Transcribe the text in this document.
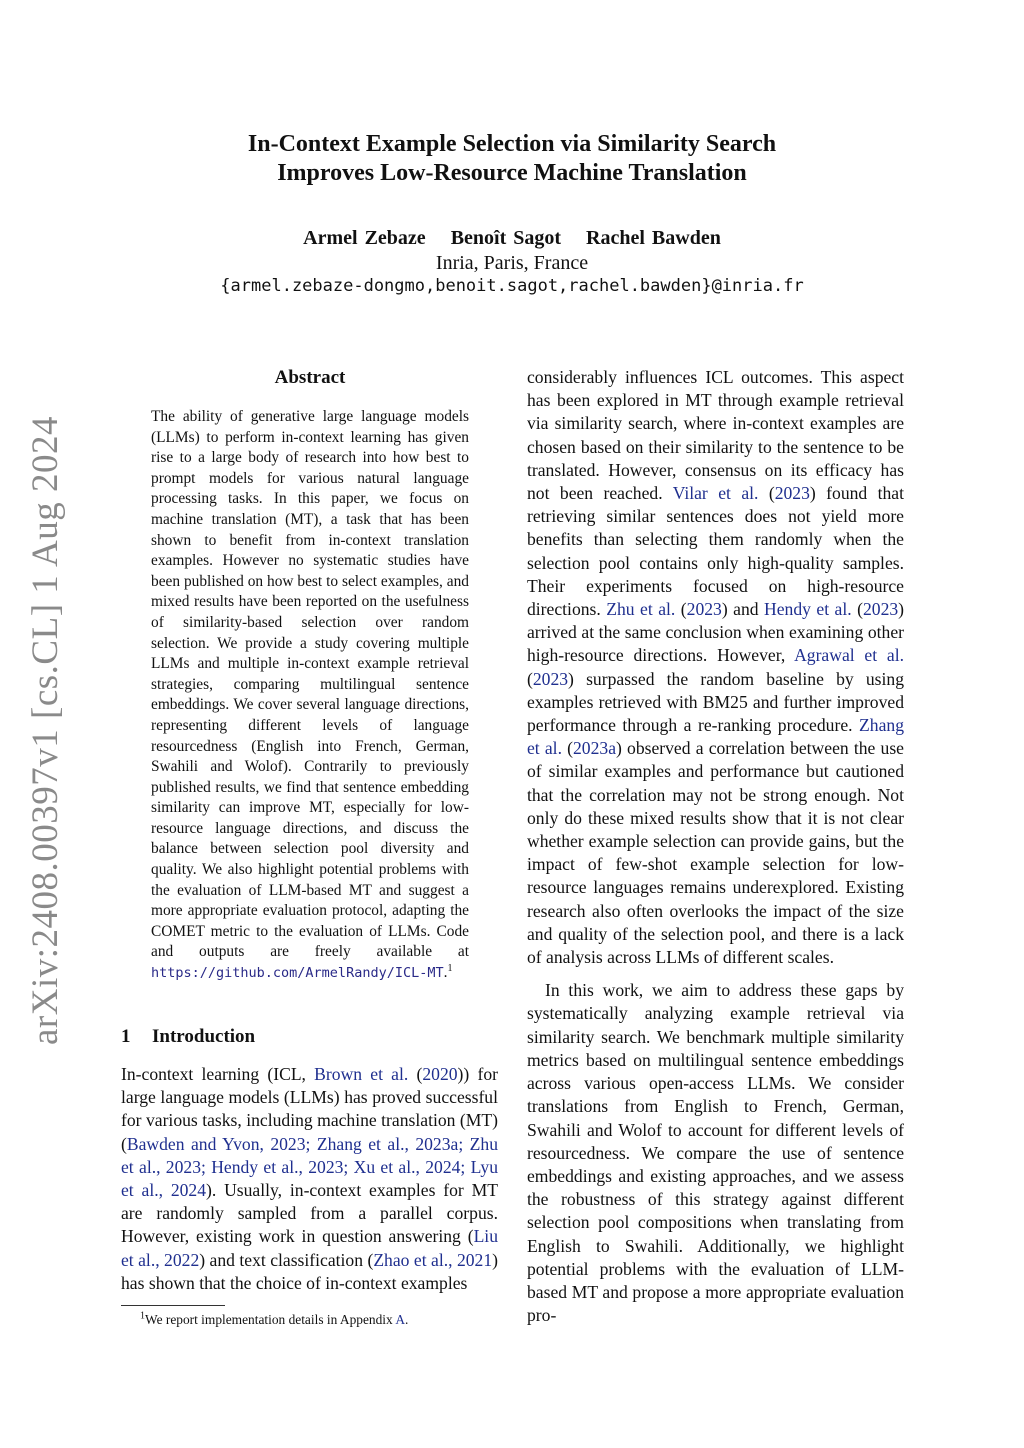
arXiv:2408.00397v1 [cs.CL] 1 Aug 2024
In-Context Example Selection via Similarity Search
Improves Low-Resource Machine Translation
Armel Zebaze Benoît Sagot Rachel Bawden
Inria, Paris, France
{armel.zebaze-dongmo,benoit.sagot,rachel.bawden}@inria.fr
Abstract
The ability of generative large language models (LLMs) to perform in-context learning has given rise to a large body of research into how best to prompt models for various natural language processing tasks. In this paper, we focus on machine translation (MT), a task that has been shown to benefit from in-context translation examples. However no systematic studies have been published on how best to select examples, and mixed results have been reported on the usefulness of similarity-based selection over random selection. We provide a study covering multiple LLMs and multiple in-context example retrieval strategies, comparing multilingual sentence embeddings. We cover several language directions, representing different levels of language resourcedness (English into French, German, Swahili and Wolof). Contrarily to previously published results, we find that sentence embedding similarity can improve MT, especially for low-resource language directions, and discuss the balance between selection pool diversity and quality. We also highlight potential problems with the evaluation of LLM-based MT and suggest a more appropriate evaluation protocol, adapting the COMET metric to the evaluation of LLMs. Code and outputs are freely available at https://github.com/ArmelRandy/ICL-MT.$^1$
1 Introduction
In-context learning (ICL, Brown et al. (2020)) for large language models (LLMs) has proved successful for various tasks, including machine translation (MT) (Bawden and Yvon, 2023; Zhang et al., 2023a; Zhu et al., 2023; Hendy et al., 2023; Xu et al., 2024; Lyu et al., 2024). Usually, in-context examples for MT are randomly sampled from a parallel corpus. However, existing work in question answering (Liu et al., 2022) and text classification (Zhao et al., 2021) has shown that the choice of in-context examples

considerably influences ICL outcomes. This aspect has been explored in MT through example retrieval via similarity search, where in-context examples are chosen based on their similarity to the sentence to be translated. However, consensus on its efficacy has not been reached. Vilar et al. (2023) found that retrieving similar sentences does not yield more benefits than selecting them randomly when the selection pool contains only high-quality samples. Their experiments focused on high-resource directions. Zhu et al. (2023) and Hendy et al. (2023) arrived at the same conclusion when examining other high-resource directions. However, Agrawal et al. (2023) surpassed the random baseline by using examples retrieved with BM25 and further improved performance through a re-ranking procedure. Zhang et al. (2023a) observed a correlation between the use of similar examples and performance but cautioned that the correlation may not be strong enough. Not only do these mixed results show that it is not clear whether example selection can provide gains, but the impact of few-shot example selection for low-resource languages remains underexplored. Existing research also often overlooks the impact of the size and quality of the selection pool, and there is a lack of analysis across LLMs of different scales.

In this work, we aim to address these gaps by systematically analyzing example retrieval via similarity search. We benchmark multiple similarity metrics based on multilingual sentence embeddings across various open-access LLMs. We consider translations from English to French, German, Swahili and Wolof to account for different levels of resourcedness. We compare the use of sentence embeddings and existing approaches, and we assess the robustness of this strategy against different selection pool compositions when translating from English to Swahili. Additionally, we highlight potential problems with the evaluation of LLM-based MT and propose a more appropriate evaluation pro-

$^1$We report implementation details in Appendix A.
